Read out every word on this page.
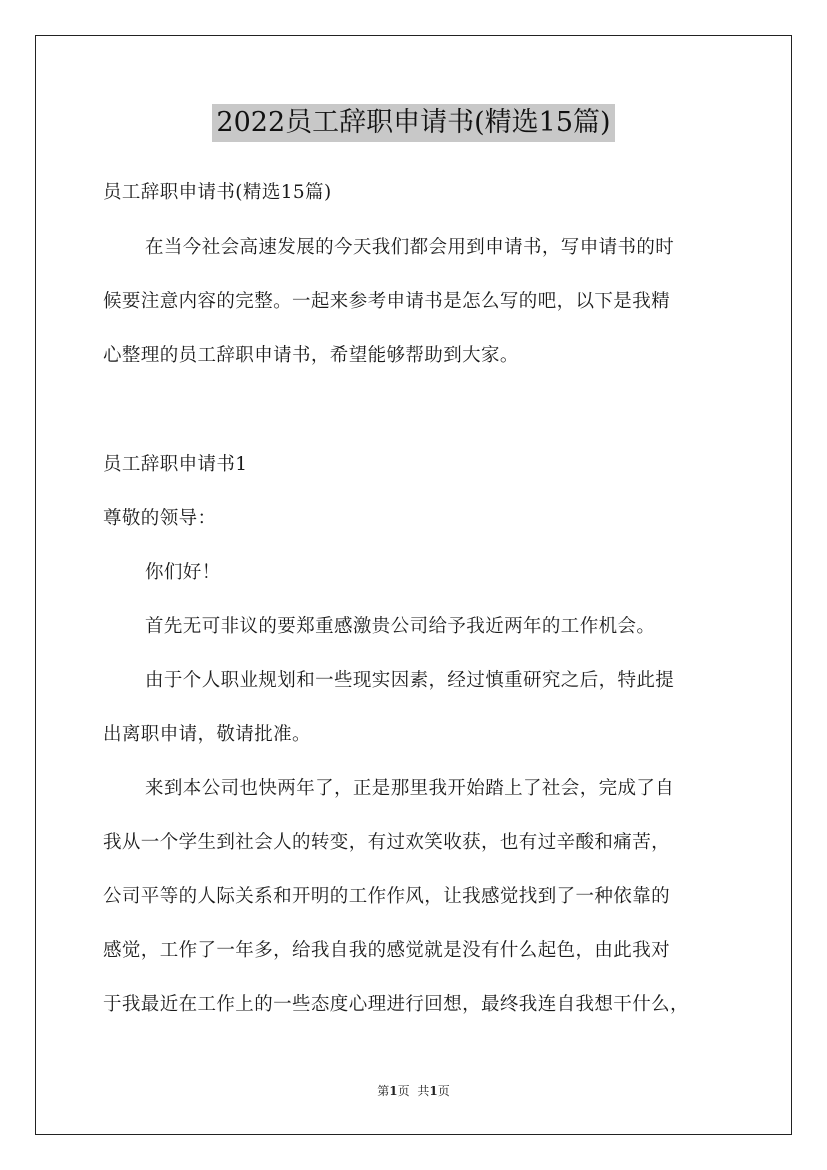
2022员工辞职申请书(精选15篇)
员工辞职申请书(精选15篇)
在当今社会高速发展的今天我们都会用到申请书，写申请书的时
候要注意内容的完整。一起来参考申请书是怎么写的吧，以下是我精
心整理的员工辞职申请书，希望能够帮助到大家。
员工辞职申请书1
尊敬的领导：
你们好！
首先无可非议的要郑重感激贵公司给予我近两年的工作机会。
由于个人职业规划和一些现实因素，经过慎重研究之后，特此提
出离职申请，敬请批准。
来到本公司也快两年了，正是那里我开始踏上了社会，完成了自
我从一个学生到社会人的转变，有过欢笑收获，也有过辛酸和痛苦，
公司平等的人际关系和开明的工作作风，让我感觉找到了一种依靠的
感觉，工作了一年多，给我自我的感觉就是没有什么起色，由此我对
于我最近在工作上的一些态度心理进行回想，最终我连自我想干什么，
第1页 共1页
